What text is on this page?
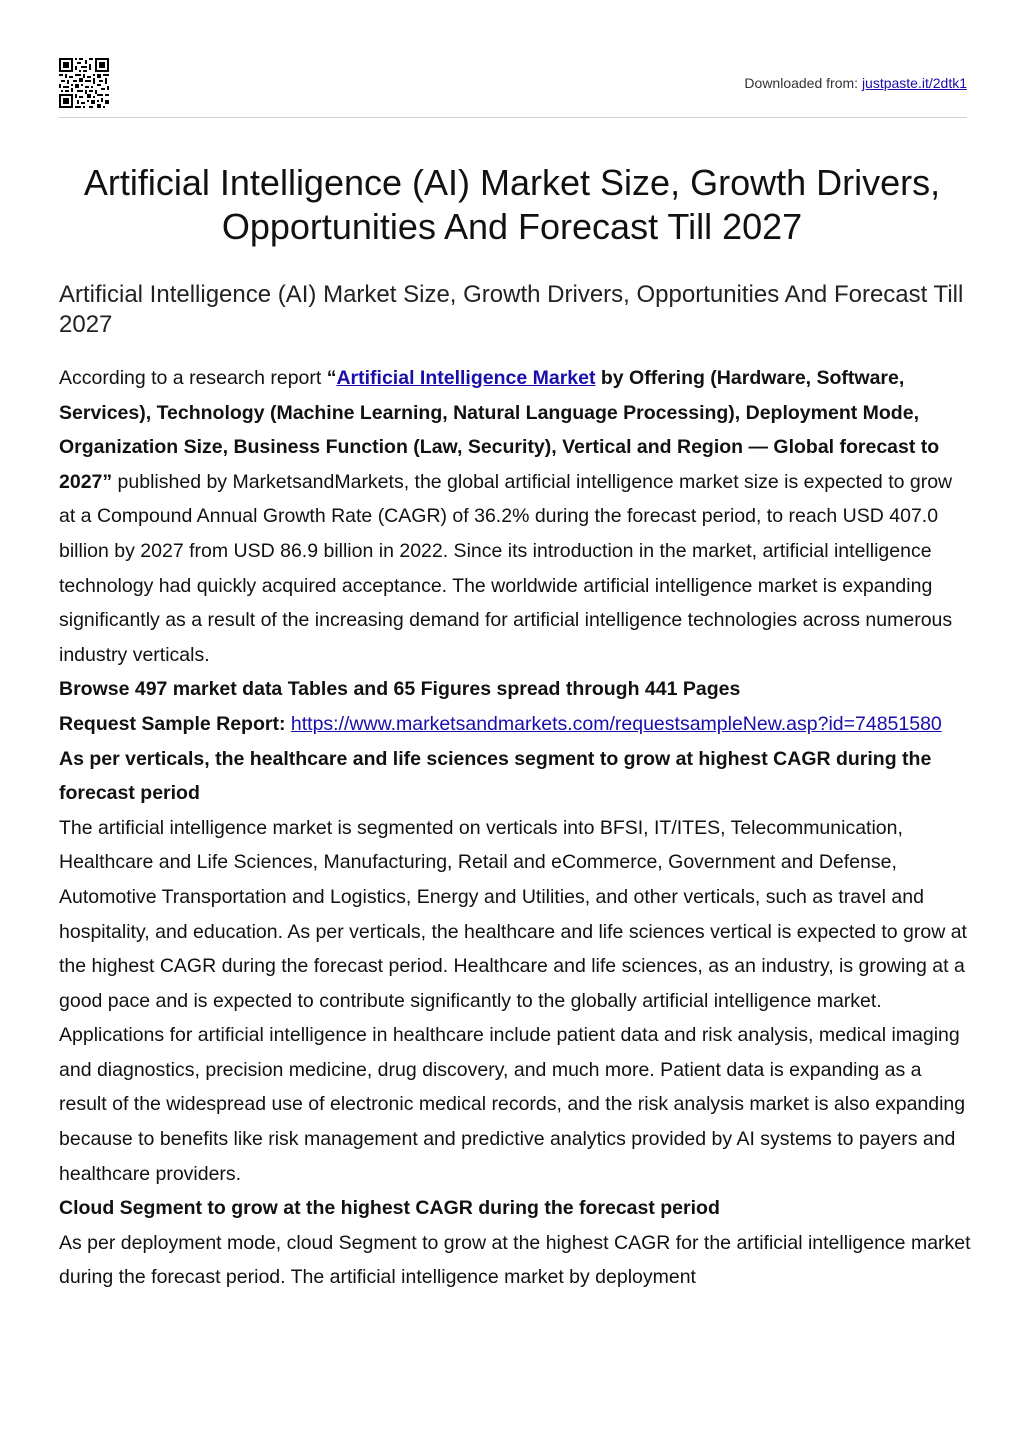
Downloaded from: justpaste.it/2dtk1
Artificial Intelligence (AI) Market Size, Growth Drivers, Opportunities And Forecast Till 2027
Artificial Intelligence (AI) Market Size, Growth Drivers, Opportunities And Forecast Till 2027

According to a research report “Artificial Intelligence Market by Offering (Hardware, Software, Services), Technology (Machine Learning, Natural Language Processing), Deployment Mode, Organization Size, Business Function (Law, Security), Vertical and Region — Global forecast to 2027” published by MarketsandMarkets, the global artificial intelligence market size is expected to grow at a Compound Annual Growth Rate (CAGR) of 36.2% during the forecast period, to reach USD 407.0 billion by 2027 from USD 86.9 billion in 2022. Since its introduction in the market, artificial intelligence technology had quickly acquired acceptance. The worldwide artificial intelligence market is expanding significantly as a result of the increasing demand for artificial intelligence technologies across numerous industry verticals.

Browse 497 market data Tables and 65 Figures spread through 441 Pages

Request Sample Report: https://www.marketsandmarkets.com/requestsampleNew.asp?id=74851580

As per verticals, the healthcare and life sciences segment to grow at highest CAGR during the forecast period

The artificial intelligence market is segmented on verticals into BFSI, IT/ITES, Telecommunication, Healthcare and Life Sciences, Manufacturing, Retail and eCommerce, Government and Defense, Automotive Transportation and Logistics, Energy and Utilities, and other verticals, such as travel and hospitality, and education. As per verticals, the healthcare and life sciences vertical is expected to grow at the highest CAGR during the forecast period. Healthcare and life sciences, as an industry, is growing at a good pace and is expected to contribute significantly to the globally artificial intelligence market. Applications for artificial intelligence in healthcare include patient data and risk analysis, medical imaging and diagnostics, precision medicine, drug discovery, and much more. Patient data is expanding as a result of the widespread use of electronic medical records, and the risk analysis market is also expanding because to benefits like risk management and predictive analytics provided by AI systems to payers and healthcare providers.

Cloud Segment to grow at the highest CAGR during the forecast period

As per deployment mode, cloud Segment to grow at the highest CAGR for the artificial intelligence market during the forecast period. The artificial intelligence market by deployment
